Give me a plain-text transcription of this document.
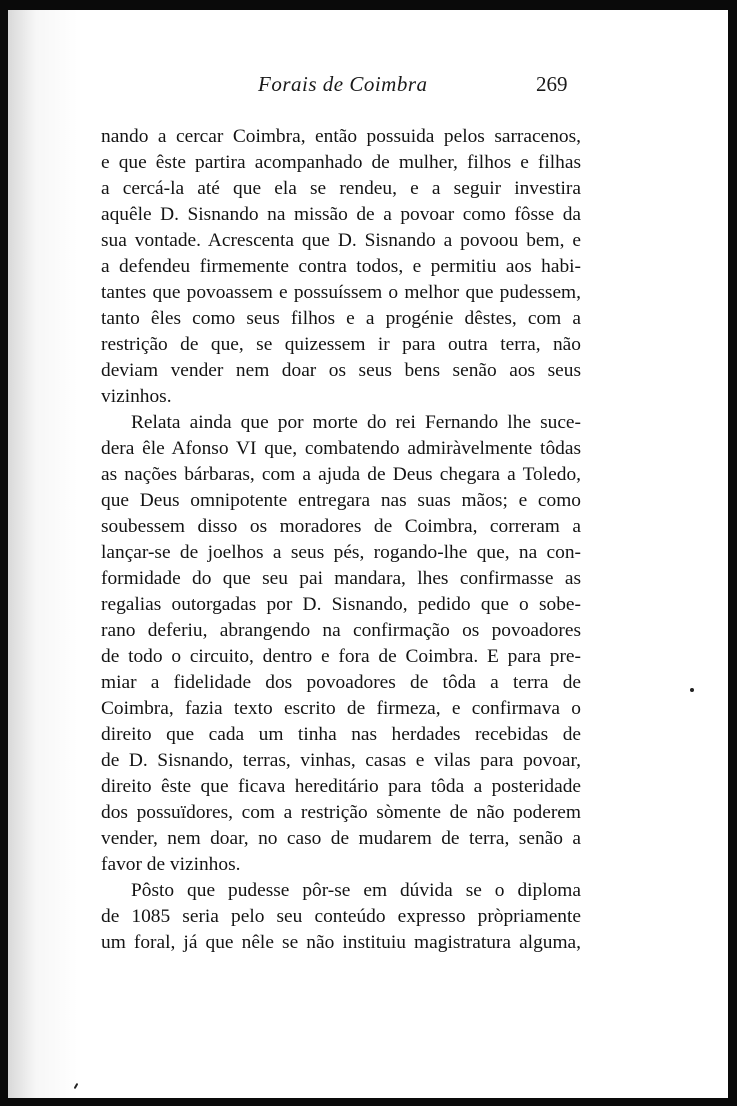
Forais de Coimbra	269
nando a cercar Coimbra, então possuida pelos sarracenos,
e que êste partira acompanhado de mulher, filhos e filhas
a cercá-la até que ela se rendeu, e a seguir investira
aquêle D. Sisnando na missão de a povoar como fôsse da
sua vontade. Acrescenta que D. Sisnando a povoou bem, e
a defendeu firmemente contra todos, e permitiu aos habi-
tantes que povoassem e possuíssem o melhor que pudessem,
tanto êles como seus filhos e a progénie dêstes, com a
restrição de que, se quizessem ir para outra terra, não
deviam vender nem doar os seus bens senão aos seus
vizinhos.
Relata ainda que por morte do rei Fernando lhe suce-
dera êle Afonso VI que, combatendo admiràvelmente tôdas
as nações bárbaras, com a ajuda de Deus chegara a Toledo,
que Deus omnipotente entregara nas suas mãos; e como
soubessem disso os moradores de Coimbra, correram a
lançar-se de joelhos a seus pés, rogando-lhe que, na con-
formidade do que seu pai mandara, lhes confirmasse as
regalias outorgadas por D. Sisnando, pedido que o sobe-
rano deferiu, abrangendo na confirmação os povoadores
de todo o circuito, dentro e fora de Coimbra. E para pre-
miar a fidelidade dos povoadores de tôda a terra de
Coimbra, fazia texto escrito de firmeza, e confirmava o
direito que cada um tinha nas herdades recebidas de
de D. Sisnando, terras, vinhas, casas e vilas para povoar,
direito êste que ficava hereditário para tôda a posteridade
dos possuïdores, com a restrição sòmente de não poderem
vender, nem doar, no caso de mudarem de terra, senão a
favor de vizinhos.
Pôsto que pudesse pôr-se em dúvida se o diploma
de 1085 seria pelo seu conteúdo expresso pròpriamente
um foral, já que nêle se não instituiu magistratura alguma,
